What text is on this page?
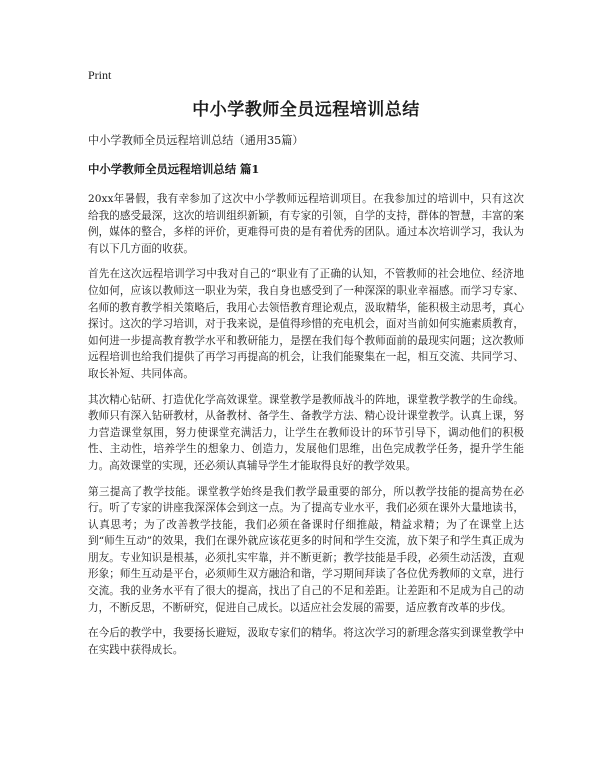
Print
中小学教师全员远程培训总结
中小学教师全员远程培训总结（通用35篇）
中小学教师全员远程培训总结 篇1

20xx年暑假，我有幸参加了这次中小学教师远程培训项目。在我参加过的培训中，只有这次给我的感受最深，这次的培训组织新颖，有专家的引领，自学的支持，群体的智慧，丰富的案例，媒体的整合，多样的评价，更难得可贵的是有着优秀的团队。通过本次培训学习，我认为有以下几方面的收获。

首先在这次远程培训学习中我对自己的“职业有了正确的认知，不管教师的社会地位、经济地位如何，应该以教师这一职业为荣，我自身也感受到了一种深深的职业幸福感。而学习专家、名师的教育教学相关策略后，我用心去领悟教育理论观点，汲取精华，能积极主动思考，真心探讨。这次的学习培训，对于我来说，是值得珍惜的充电机会，面对当前如何实施素质教育，如何进一步提高教育教学水平和教研能力，是摆在我们每个教师面前的最现实问题；这次教师远程培训也给我们提供了再学习再提高的机会，让我们能聚集在一起，相互交流、共同学习、取长补短、共同体高。

其次精心钻研、打造优化学高效课堂。课堂教学是教师战斗的阵地，课堂教学教学的生命线。教师只有深入钻研教材，从备教材、备学生、备教学方法、精心设计课堂教学。认真上课，努力营造课堂氛围，努力使课堂充满活力，让学生在教师设计的环节引导下，调动他们的积极性、主动性，培养学生的想象力、创造力，发展他们思维，出色完成教学任务，提升学生能力。高效课堂的实现，还必须认真辅导学生才能取得良好的教学效果。

第三提高了教学技能。课堂教学始终是我们教学最重要的部分，所以教学技能的提高势在必行。听了专家的讲座我深深体会到这一点。为了提高专业水平，我们必须在课外大量地读书，认真思考；为了改善教学技能，我们必须在备课时仔细推敲，精益求精；为了在课堂上达到“师生互动”的效果，我们在课外就应该花更多的时间和学生交流，放下架子和学生真正成为朋友。专业知识是根基，必须扎实牢靠，并不断更新；教学技能是手段，必须生动活泼，直观形象；师生互动是平台，必须师生双方融洽和谐，学习期间拜读了各位优秀教师的文章，进行交流。我的业务水平有了很大的提高，找出了自己的不足和差距。让差距和不足成为自己的动力，不断反思，不断研究，促进自己成长。以适应社会发展的需要，适应教育改革的步伐。

在今后的教学中，我要扬长避短，汲取专家们的精华。将这次学习的新理念落实到课堂教学中 在实践中获得成长。
